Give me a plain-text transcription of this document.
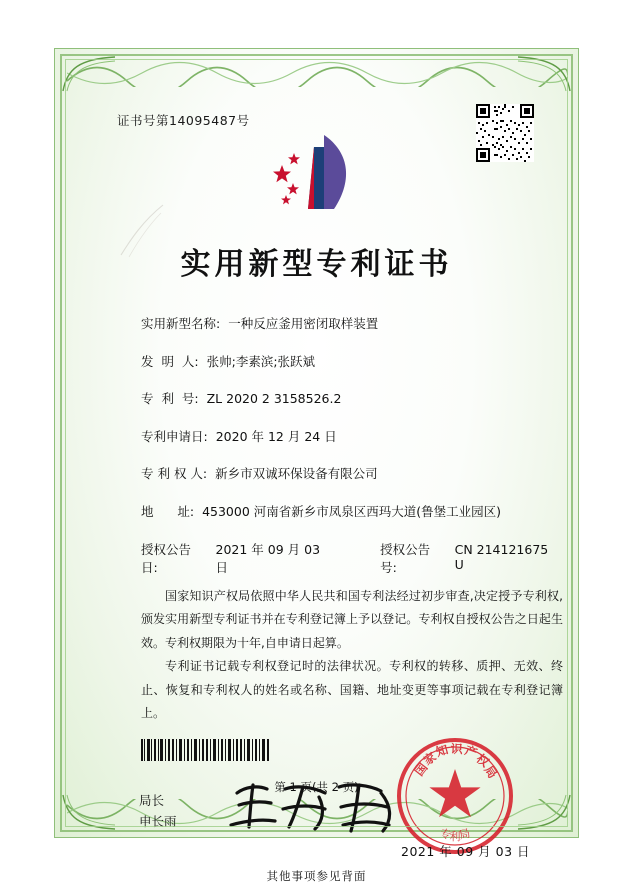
证书号第14095487号
实用新型专利证书
实用新型名称: 一种反应釜用密闭取样装置
发  明  人: 张帅;李素滨;张跃斌
专  利  号: ZL 2020 2 3158526.2
专利申请日: 2020 年 12 月 24 日
专 利 权 人: 新乡市双诚环保设备有限公司
地      址: 453000 河南省新乡市凤泉区西玛大道(鲁堡工业园区)
授权公告日:
2021 年 09 月 03 日
授权公告号:
CN 214121675 U

国家知识产权局依照中华人民共和国专利法经过初步审查,决定授予专利权,颁发实用新型专利证书并在专利登记簿上予以登记。专利权自授权公告之日起生效。专利权期限为十年,自申请日起算。

专利证书记载专利权登记时的法律状况。专利权的转移、质押、无效、终止、恢复和专利权人的姓名或名称、国籍、地址变更等事项记载在专利登记簿上。

局长
申长雨
国
家
知 识 产
权
局
专
利
局
2021 年 09 月 03 日
第 1 页(共 2 页)
其他事项参见背面
